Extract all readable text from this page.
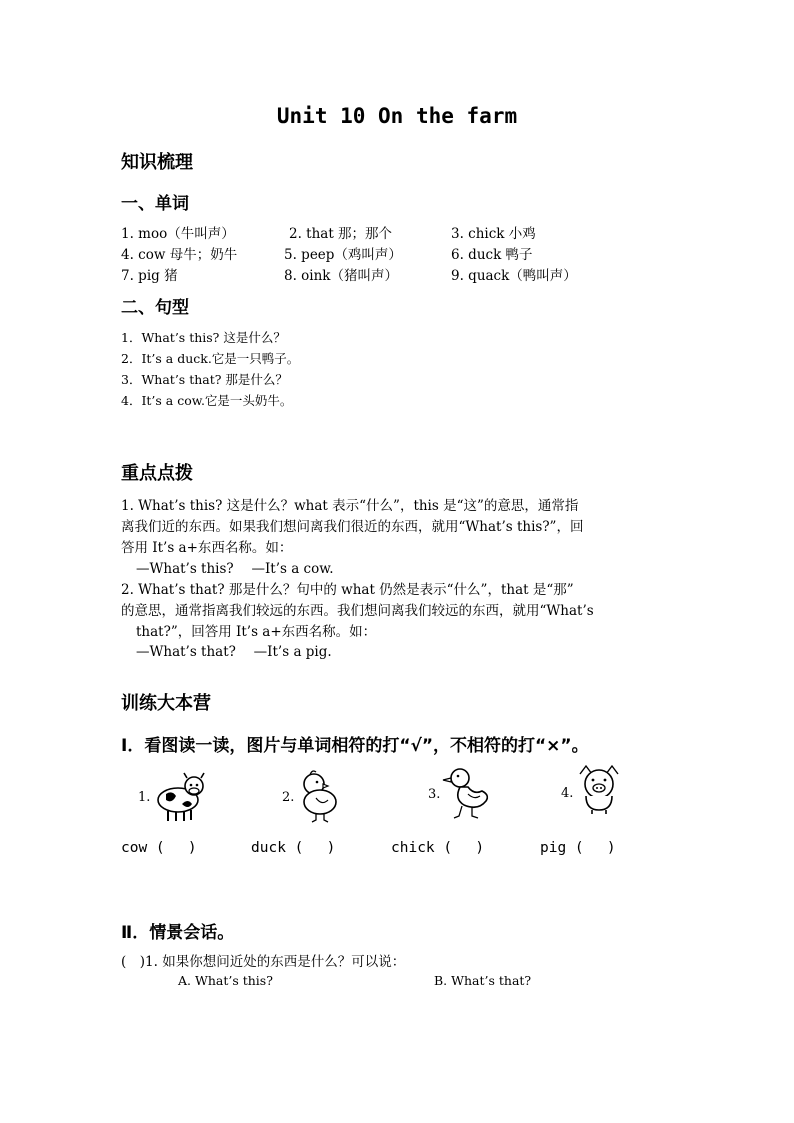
Unit 10 On the farm
知识梳理
一、单词
1. moo（牛叫声）	2. that 那；那个	3. chick 小鸡
4. cow 母牛；奶牛	5. peep（鸡叫声）	6. duck 鸭子
7. pig 猪	8. oink（猪叫声）	9. quack（鸭叫声）
二、句型
1．What’s this? 这是什么？
2．It’s a duck.它是一只鸭子。
3．What’s that? 那是什么？
4．It’s a cow.它是一头奶牛。
重点点拨
1. What’s this? 这是什么？what 表示“什么”，this 是“这”的意思，通常指
离我们近的东西。如果我们想问离我们很近的东西，就用“What’s this?”，回
答用 It’s a+东西名称。如：
—What’s this?　 —It’s a cow.
2. What’s that? 那是什么？句中的 what 仍然是表示“什么”，that 是“那”
的意思，通常指离我们较远的东西。我们想问离我们较远的东西，就用“What’s
that?”，回答用 It’s a+东西名称。如：
—What’s that?　 —It’s a pig.
训练大本营
Ⅰ．看图读一读，图片与单词相符的打“√”，不相符的打“×”。
1.	2.	3.	4.
cow (　 )	duck (　 )	chick (　 )	pig (　 )
Ⅱ．情景会话。
(　)1. 如果你想问近处的东西是什么？可以说：
A. What’s this?	B. What’s that?
